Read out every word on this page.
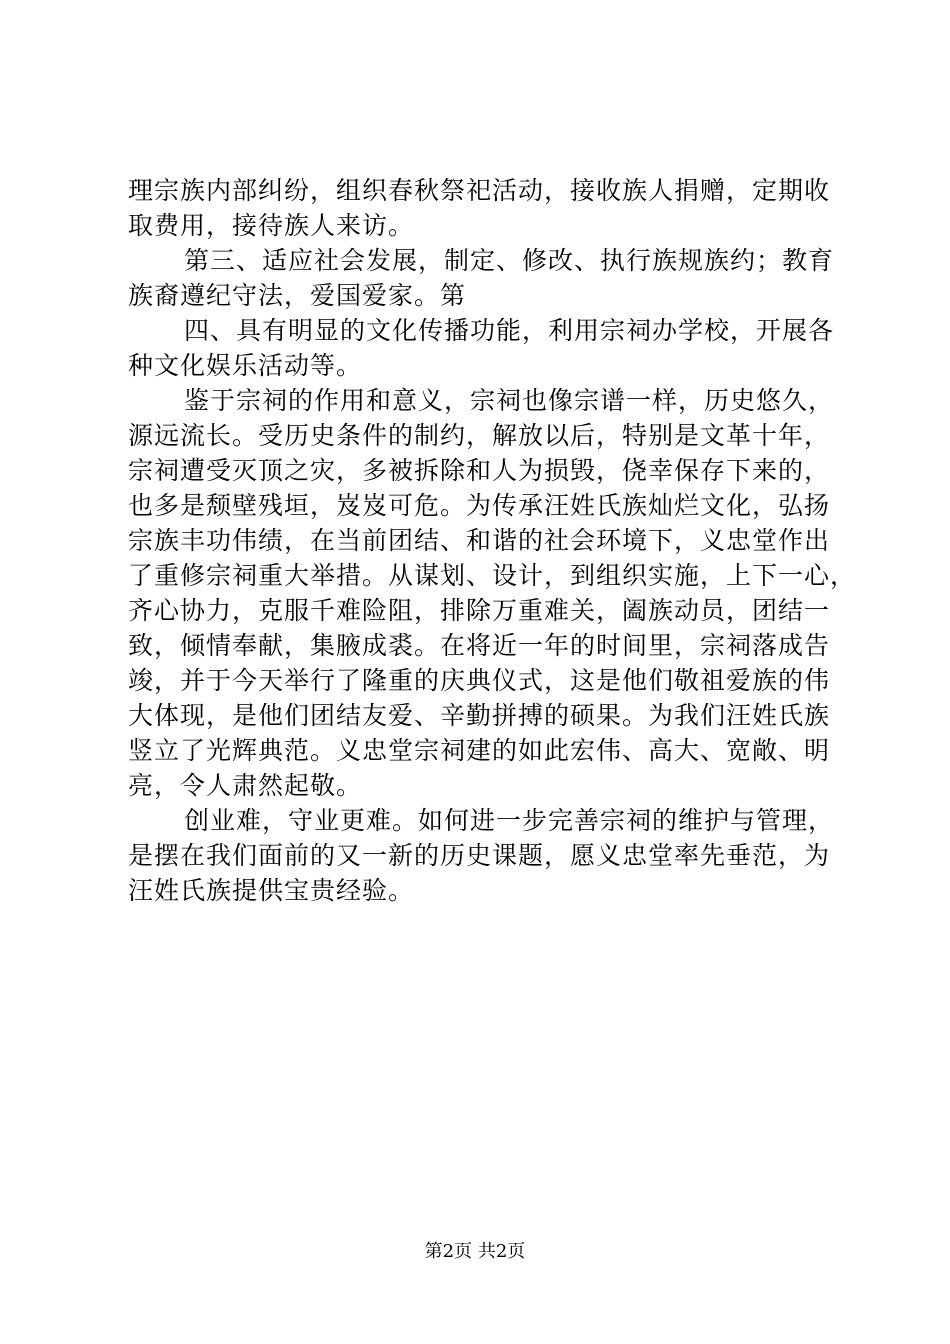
理宗族内部纠纷，组织春秋祭祀活动，接收族人捐赠，定期收
取费用，接待族人来访。
第三、适应社会发展，制定、修改、执行族规族约；教育
族裔遵纪守法，爱国爱家。第
四、具有明显的文化传播功能，利用宗祠办学校，开展各
种文化娱乐活动等。
鉴于宗祠的作用和意义，宗祠也像宗谱一样，历史悠久，
源远流长。受历史条件的制约，解放以后，特别是文革十年，
宗祠遭受灭顶之灾，多被拆除和人为损毁，侥幸保存下来的，
也多是颓壁残垣，岌岌可危。为传承汪姓氏族灿烂文化，弘扬
宗族丰功伟绩，在当前团结、和谐的社会环境下，义忠堂作出
了重修宗祠重大举措。从谋划、设计，到组织实施，上下一心，
齐心协力，克服千难险阻，排除万重难关，阖族动员，团结一
致，倾情奉献，集腋成裘。在将近一年的时间里，宗祠落成告
竣，并于今天举行了隆重的庆典仪式，这是他们敬祖爱族的伟
大体现，是他们团结友爱、辛勤拼搏的硕果。为我们汪姓氏族
竖立了光辉典范。义忠堂宗祠建的如此宏伟、高大、宽敞、明
亮，令人肃然起敬。
创业难，守业更难。如何进一步完善宗祠的维护与管理，
是摆在我们面前的又一新的历史课题，愿义忠堂率先垂范，为
汪姓氏族提供宝贵经验。
第2页 共2页
